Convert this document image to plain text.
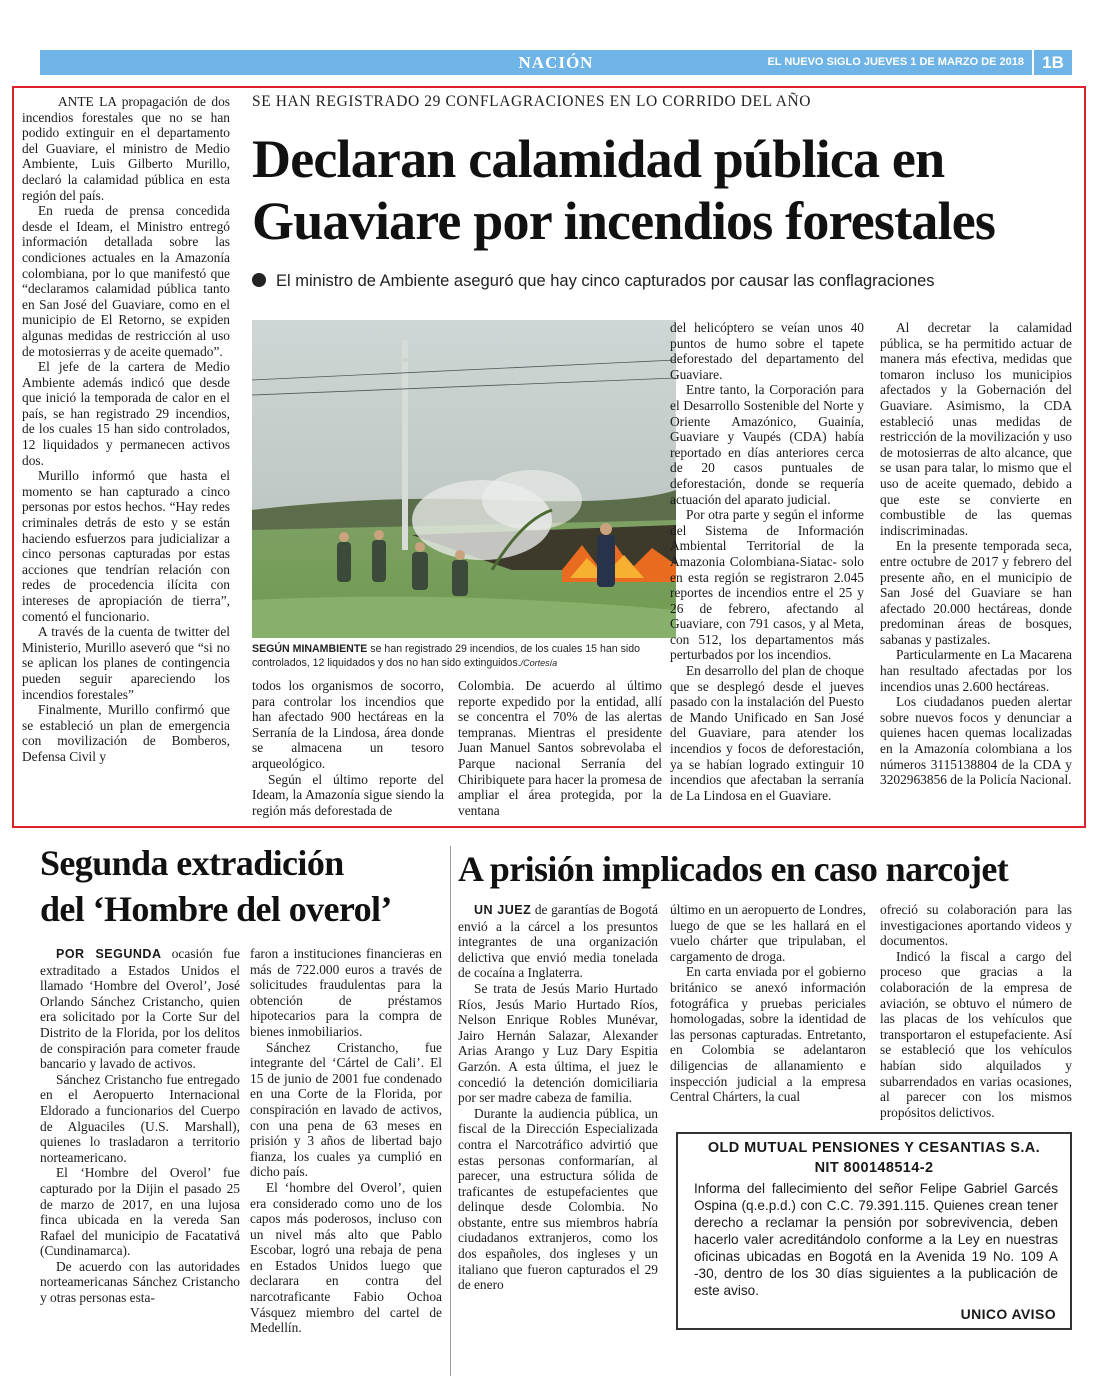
NACIÓN	EL NUEVO SIGLO JUEVES 1 DE MARZO DE 2018	1B
SE HAN REGISTRADO 29 CONFLAGRACIONES EN LO CORRIDO DEL AÑO
Declaran calamidad pública en Guaviare por incendios forestales
El ministro de Ambiente aseguró que hay cinco capturados por causar las conflagraciones

ANTE LA propagación de dos incendios forestales que no se han podido extinguir en el departamento del Guaviare, el ministro de Medio Ambiente, Luis Gilberto Murillo, declaró la calamidad pública en esta región del país.

En rueda de prensa concedida desde el Ideam, el Ministro entregó información detallada sobre las condiciones actuales en la Amazonía colombiana, por lo que manifestó que “declaramos calamidad pública tanto en San José del Guaviare, como en el municipio de El Retorno, se expiden algunas medidas de restricción al uso de motosierras y de aceite quemado”.

El jefe de la cartera de Medio Ambiente además indicó que desde que inició la temporada de calor en el país, se han registrado 29 incendios, de los cuales 15 han sido controlados, 12 liquidados y permanecen activos dos.

Murillo informó que hasta el momento se han capturado a cinco personas por estos hechos. “Hay redes criminales detrás de esto y se están haciendo esfuerzos para judicializar a cinco personas capturadas por estas acciones que tendrían relación con redes de procedencia ilícita con intereses de apropiación de tierra”, comentó el funcionario.

A través de la cuenta de twitter del Ministerio, Murillo aseveró que “si no se aplican los planes de contingencia pueden seguir apareciendo los incendios forestales”

Finalmente, Murillo confirmó que se estableció un plan de emergencia con movilización de Bomberos, Defensa Civil y

SEGÚN MINAMBIENTE se han registrado 29 incendios, de los cuales 15 han sido controlados, 12 liquidados y dos no han sido extinguidos./Cortesía

todos los organismos de socorro, para controlar los incendios que han afectado 900 hectáreas en la Serranía de la Lindosa, área donde se almacena un tesoro arqueológico.

Según el último reporte del Ideam, la Amazonía sigue siendo la región más deforestada de

Colombia. De acuerdo al último reporte expedido por la entidad, allí se concentra el 70% de las alertas tempranas. Mientras el presidente Juan Manuel Santos sobrevolaba el Parque nacional Serranía del Chiribiquete para hacer la promesa de ampliar el área protegida, por la ventana

del helicóptero se veían unos 40 puntos de humo sobre el tapete deforestado del departamento del Guaviare.

Entre tanto, la Corporación para el Desarrollo Sostenible del Norte y Oriente Amazónico, Guainía, Guaviare y Vaupés (CDA) había reportado en días anteriores cerca de 20 casos puntuales de deforestación, donde se requería actuación del aparato judicial.

Por otra parte y según el informe del Sistema de Información Ambiental Territorial de la Amazonia Colombiana-Siatac- solo en esta región se registraron 2.045 reportes de incendios entre el 25 y 26 de febrero, afectando al Guaviare, con 791 casos, y al Meta, con 512, los departamentos más perturbados por los incendios.

En desarrollo del plan de choque que se desplegó desde el jueves pasado con la instalación del Puesto de Mando Unificado en San José del Guaviare, para atender los incendios y focos de deforestación, ya se habían logrado extinguir 10 incendios que afectaban la serranía de La Lindosa en el Guaviare.

Al decretar la calamidad pública, se ha permitido actuar de manera más efectiva, medidas que tomaron incluso los municipios afectados y la Gobernación del Guaviare. Asimismo, la CDA estableció unas medidas de restricción de la movilización y uso de motosierras de alto alcance, que se usan para talar, lo mismo que el uso de aceite quemado, debido a que este se convierte en combustible de las quemas indiscriminadas.

En la presente temporada seca, entre octubre de 2017 y febrero del presente año, en el municipio de San José del Guaviare se han afectado 20.000 hectáreas, donde predominan áreas de bosques, sabanas y pastizales.

Particularmente en La Macarena han resultado afectadas por los incendios unas 2.600 hectáreas.

Los ciudadanos pueden alertar sobre nuevos focos y denunciar a quienes hacen quemas localizadas en la Amazonía colombiana a los números 3115138804 de la CDA y 3202963856 de la Policía Nacional.

Segunda extradición
del ‘Hombre del overol’

POR SEGUNDA ocasión fue extraditado a Estados Unidos el llamado ‘Hombre del Overol’, José Orlando Sánchez Cristancho, quien era solicitado por la Corte Sur del Distrito de la Florida, por los delitos de conspiración para cometer fraude bancario y lavado de activos.

Sánchez Cristancho fue entregado en el Aeropuerto Internacional Eldorado a funcionarios del Cuerpo de Alguaciles (U.S. Marshall), quienes lo trasladaron a territorio norteamericano.

El ‘Hombre del Overol’ fue capturado por la Dijin el pasado 25 de marzo de 2017, en una lujosa finca ubicada en la vereda San Rafael del municipio de Facatativá (Cundinamarca).

De acuerdo con las autoridades norteamericanas Sánchez Cristancho y otras personas esta-

faron a instituciones financieras en más de 722.000 euros a través de solicitudes fraudulentas para la obtención de préstamos hipotecarios para la compra de bienes inmobiliarios.

Sánchez Cristancho, fue integrante del ‘Cártel de Cali’. El 15 de junio de 2001 fue condenado en una Corte de la Florida, por conspiración en lavado de activos, con una pena de 63 meses en prisión y 3 años de libertad bajo fianza, los cuales ya cumplió en dicho país.

El ‘hombre del Overol’, quien era considerado como uno de los capos más poderosos, incluso con un nivel más alto que Pablo Escobar, logró una rebaja de pena en Estados Unidos luego que declarara en contra del narcotraficante Fabio Ochoa Vásquez miembro del cartel de Medellín.

A prisión implicados en caso narcojet

UN JUEZ de garantías de Bogotá envió a la cárcel a los presuntos integrantes de una organización delictiva que envió media tonelada de cocaína a Inglaterra.

Se trata de Jesús Mario Hurtado Ríos, Jesús Mario Hurtado Ríos, Nelson Enrique Robles Munévar, Jairo Hernán Salazar, Alexander Arias Arango y Luz Dary Espitia Garzón. A esta última, el juez le concedió la detención domiciliaria por ser madre cabeza de familia.

Durante la audiencia pública, un fiscal de la Dirección Especializada contra el Narcotráfico advirtió que estas personas conformarían, al parecer, una estructura sólida de traficantes de estupefacientes que delinque desde Colombia. No obstante, entre sus miembros habría ciudadanos extranjeros, como los dos españoles, dos ingleses y un italiano que fueron capturados el 29 de enero

último en un aeropuerto de Londres, luego de que se les hallará en el vuelo chárter que tripulaban, el cargamento de droga.

En carta enviada por el gobierno británico se anexó información fotográfica y pruebas periciales homologadas, sobre la identidad de las personas capturadas. Entretanto, en Colombia se adelantaron diligencias de allanamiento e inspección judicial a la empresa Central Chárters, la cual

ofreció su colaboración para las investigaciones aportando videos y documentos.

Indicó la fiscal a cargo del proceso que gracias a la colaboración de la empresa de aviación, se obtuvo el número de las placas de los vehículos que transportaron el estupefaciente. Así se estableció que los vehículos habían sido alquilados y subarrendados en varias ocasiones, al parecer con los mismos propósitos delictivos.

OLD MUTUAL PENSIONES Y CESANTIAS S.A.
NIT 800148514-2
Informa del fallecimiento del señor Felipe Gabriel Garcés Ospina (q.e.p.d.) con C.C. 79.391.115. Quienes crean tener derecho a reclamar la pensión por sobrevivencia, deben hacerlo valer acreditándolo conforme a la Ley en nuestras oficinas ubicadas en Bogotá en la Avenida 19 No. 109 A -30, dentro de los 30 días siguientes a la publicación de este aviso.
UNICO AVISO
